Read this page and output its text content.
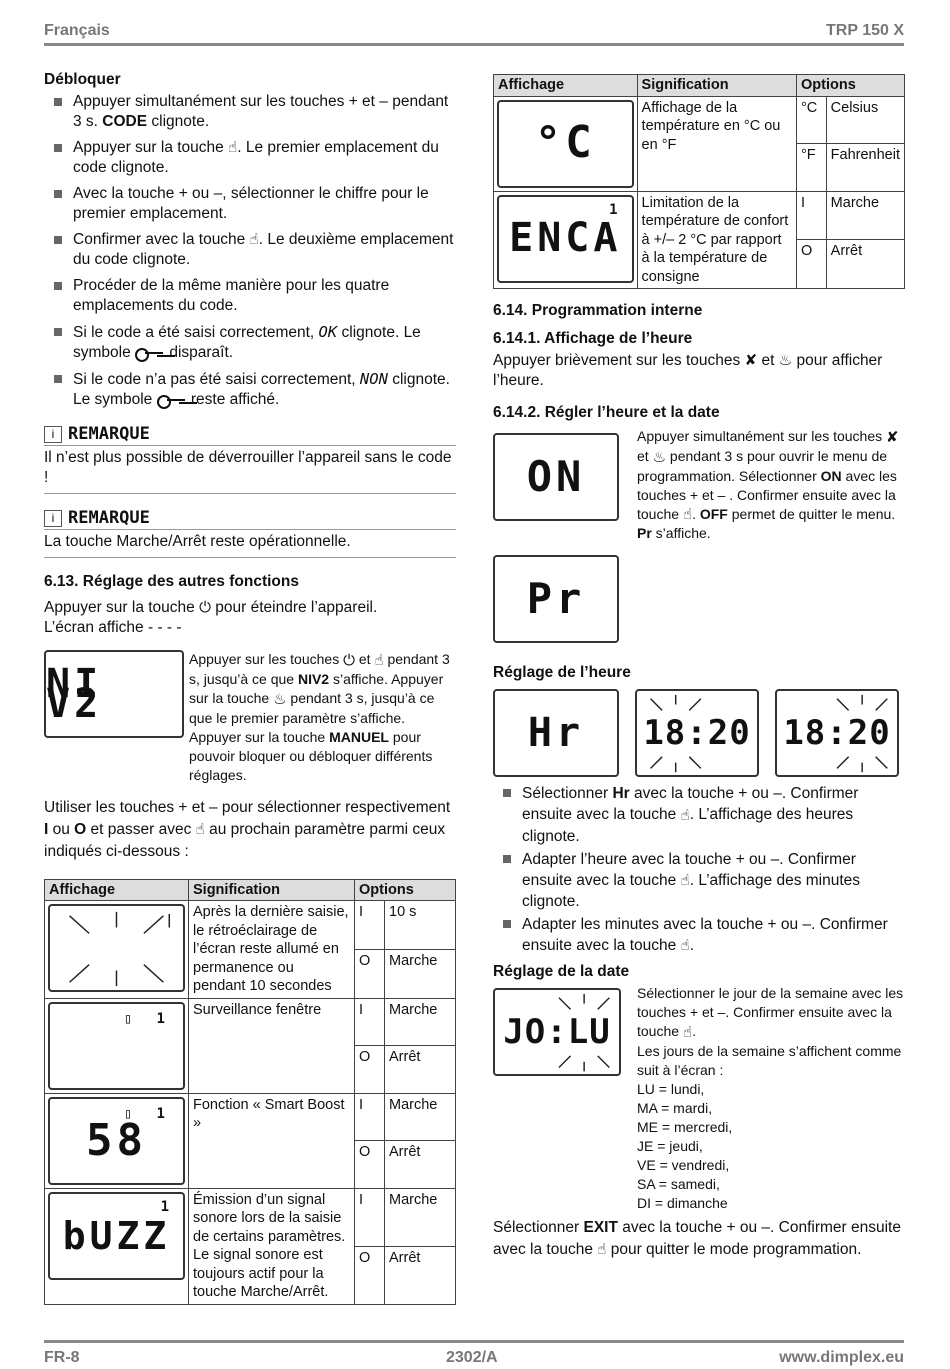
Français	TRP 150 X
Débloquer
Appuyer simultanément sur les touches + et – pendant 3 s. CODE clignote.
Appuyer sur la touche ☝. Le premier emplacement du code clignote.
Avec la touche + ou –, sélectionner le chiffre pour le premier emplacement.
Confirmer avec la touche ☝. Le deuxième emplacement du code clignote.
Procéder de la même manière pour les quatre emplacements du code.
Si le code a été saisi correctement, OK clignote. Le symbole  disparaît.
Si le code n’a pas été saisi correctement, NON clignote. Le symbole  reste affiché.
i REMARQUE
Il n’est plus possible de déverrouiller l’appareil sans le code !
i REMARQUE
La touche Marche/Arrêt reste opérationnelle.
6.13. Réglage des autres fonctions
Appuyer sur la touche ⏻ pour éteindre l’appareil.
L’écran affiche - - - -
NI V2
Appuyer sur les touches ⏻ et ☝ pendant 3 s, jusqu’à ce que NIV2 s’affiche. Appuyer sur la touche ♨ pendant 3 s, jusqu’à ce que le premier paramètre s’affiche. Appuyer sur la touche MANUEL pour pouvoir bloquer ou débloquer différents réglages.
Utiliser les touches + et – pour sélectionner respectivement I ou O et passer avec ☝ au prochain paramètre parmi ceux indiqués ci-dessous :
Affichage	Signification	Options	

	Après la dernière saisie, le rétroéclairage de l’écran reste allumé en permanence ou pendant 10 secondes	I	10 s
		O	Marche

▯ 1	Surveillance fenêtre	I	Marche
		O	Arrêt

▯ 1
58	Fonction « Smart Boost »	I	Marche
		O	Arrêt

1
bUZZ	Émission d’un signal sonore lors de la saisie de certains paramètres. Le signal sonore est toujours actif pour la touche Marche/Arrêt.	I	Marche
		O	Arrêt
Affichage	Signification	Options	

°C	Affichage de la température en °C ou en °F	°C	Celsius
		°F	Fahrenheit

1
ENCA	Limitation de la température de confort à +/– 2 °C par rapport à la température de consigne	I	Marche
		O	Arrêt
6.14. Programmation interne
6.14.1. Affichage de l’heure
Appuyer brièvement sur les touches ✘ et ♨ pour afficher l’heure.
6.14.2. Régler l’heure et la date
ON
Pr
Appuyer simultanément sur les touches ✘ et ♨ pendant 3 s pour ouvrir le menu de programmation. Sélectionner ON avec les touches + et – . Confirmer ensuite avec la touche ☝. OFF permet de quitter le menu.
Pr s’affiche.
Réglage de l’heure
Hr	18:20 18:20
Sélectionner Hr avec la touche + ou –. Confirmer ensuite avec la touche ☝. L’affichage des heures clignote.
Adapter l’heure avec la touche + ou –. Confirmer ensuite avec la touche ☝. L’affichage des minutes clignote.
Adapter les minutes avec la touche + ou –. Confirmer ensuite avec la touche ☝.
Réglage de la date
JO:LU
Sélectionner le jour de la semaine avec les touches + et –. Confirmer ensuite avec la touche ☝.
Les jours de la semaine s’affichent comme suit à l’écran :
LU = lundi,
MA = mardi,
ME = mercredi,
JE = jeudi,
VE = vendredi,
SA = samedi,
DI = dimanche
Sélectionner EXIT avec la touche + ou –. Confirmer ensuite avec la touche ☝ pour quitter le mode programmation.
FR-8	2302/A	www.dimplex.eu
